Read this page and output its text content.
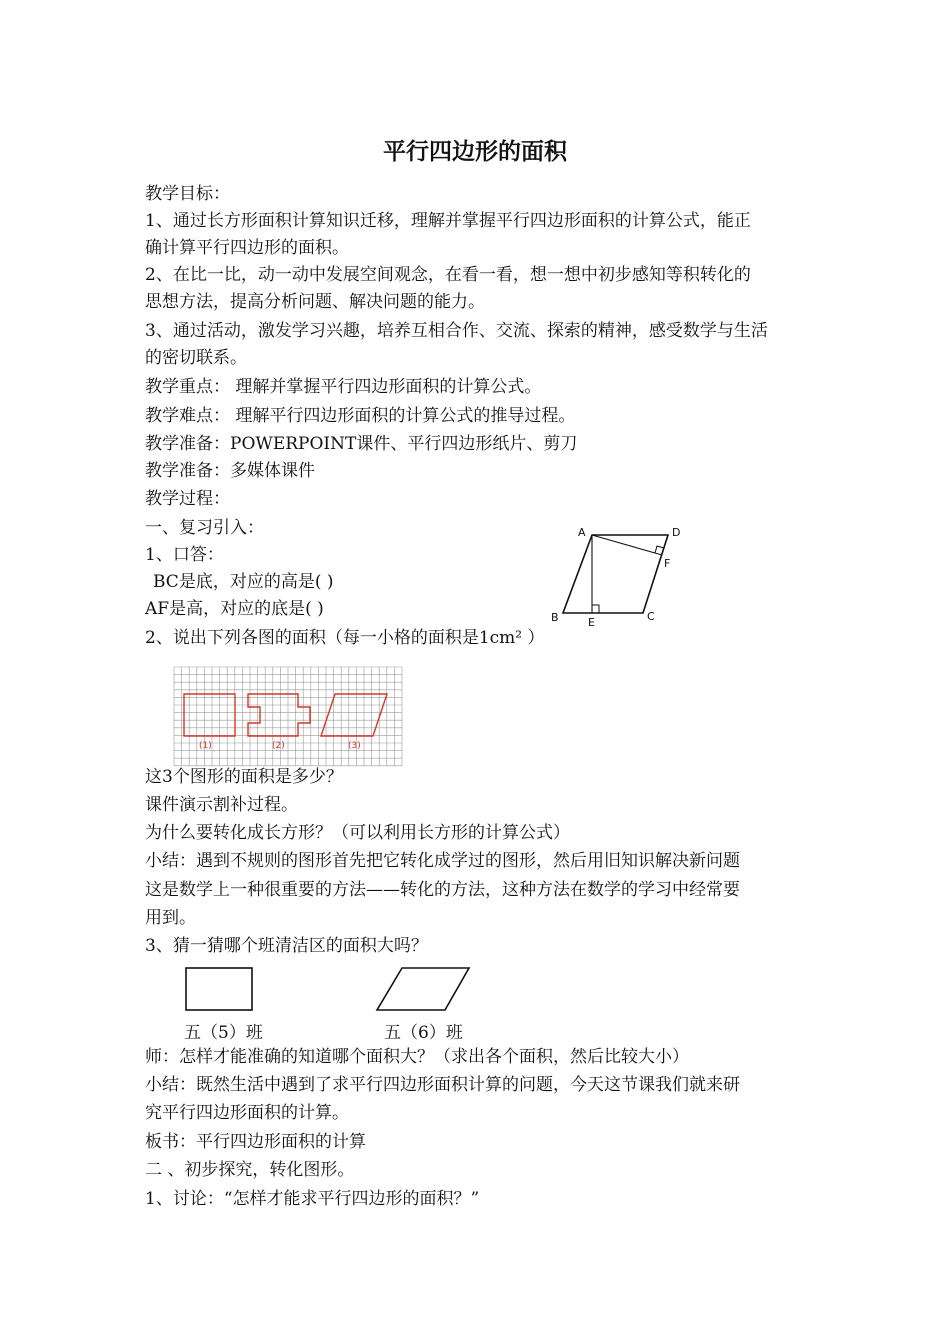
平行四边形的面积
教学目标：
1、通过长方形面积计算知识迁移，理解并掌握平行四边形面积的计算公式，能正
确计算平行四边形的面积。
2、在比一比，动一动中发展空间观念，在看一看，想一想中初步感知等积转化的
思想方法，提高分析问题、解决问题的能力。
3、通过活动，激发学习兴趣，培养互相合作、交流、探索的精神，感受数学与生活
的密切联系。
教学重点： 理解并掌握平行四边形面积的计算公式。
教学难点： 理解平行四边形面积的计算公式的推导过程。
教学准备：POWERPOINT课件、平行四边形纸片、剪刀
教学准备：多媒体课件
教学过程：
一、复习引入：
1、口答：
BC是底，对应的高是( )
AF是高，对应的底是( )
2、说出下列各图的面积（每一小格的面积是1cm² ）
A	D
F
B	E	C
(1)	(2)	(3)
这3个图形的面积是多少？
课件演示割补过程。
为什么要转化成长方形？（可以利用长方形的计算公式）
小结：遇到不规则的图形首先把它转化成学过的图形，然后用旧知识解决新问题
这是数学上一种很重要的方法——转化的方法，这种方法在数学的学习中经常要
用到。
3、猜一猜哪个班清洁区的面积大吗？
五（5）班	五（6）班
师：怎样才能准确的知道哪个面积大？（求出各个面积，然后比较大小）
小结：既然生活中遇到了求平行四边形面积计算的问题，今天这节课我们就来研
究平行四边形面积的计算。
板书：平行四边形面积的计算
二 、初步探究，转化图形。
1、讨论：“怎样才能求平行四边形的面积？”
